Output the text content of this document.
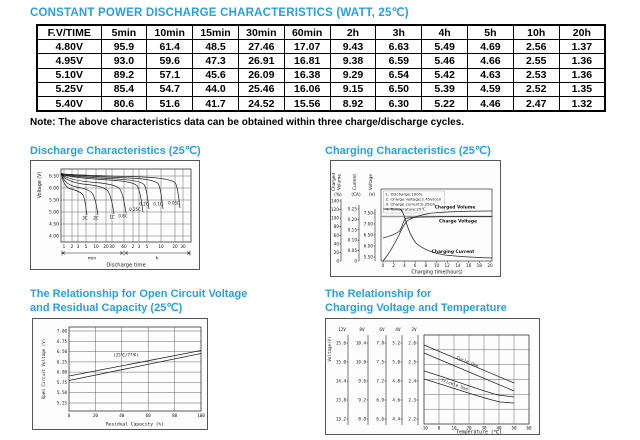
CONSTANT POWER DISCHARGE CHARACTERISTICS (WATT, 25℃)
F.V/TIME	5min	10min	15min	30min	60min	2h	3h	4h	5h	10h	20h
4.80V	95.9	61.4	48.5	27.46	17.07	9.43	6.63	5.49	4.69	2.56	1.37
4.95V	93.0	59.6	47.3	26.91	16.81	9.38	6.59	5.46	4.66	2.55	1.36
5.10V	89.2	57.1	45.6	26.09	16.38	9.29	6.54	5.42	4.63	2.53	1.36
5.25V	85.4	54.7	44.0	25.46	16.06	9.15	6.50	5.39	4.59	2.52	1.35
5.40V	80.6	51.6	41.7	24.52	15.56	8.92	6.30	5.22	4.46	2.47	1.32
Note: The above characteristics data can be obtained within three charge/discharge cycles.
Discharge Characteristics (25℃)
6.50
6.00
5.50
5.00
4.50
4.00
1 2 3 5 10 20 30 60 2 3 5 10 20 30
3C 2C	1C 0.6C
0.25C
0.2C 0.1C 0.05C
min	h
Discharge time
Voltage (V)
Charging Characteristics (25℃)
Charged Volume
(%)
Current
(CA)
Voltage
(V)
140
120
100
80
60
40
20
0
0.25
0.20
0.15
0.10
0.05
0
7.50
7.00
6.50
6.00
5.50
1. Discharge:100%
2. Charge voltage:2.45V/cell
3. Charge current:0.25CA
4. Temperature:25℃ Charged Volume
Charge Voltage
Charging Current
0 2 4 6 8 10 12 14 16 18 20
Charging time(hours)
The Relationship for Open Circuit Voltage
and Residual Capacity (25℃)
7.00
6.75
6.50
6.25
6.00
5.75
5.50
5.25
0	20	40	60	80	100
(25℃/77℉)
Residual Capacity (%)
Open Circuit Voltage (V)
The Relationship for
Charging Voltage and Temperature
Voltage(V)
12V	8V	6V	4V	2V
15.6
15.0
14.4
13.8
13.2
10.4
10.0
9.6
9.2
8.8
7.8
7.5
7.2
6.9
6.6
5.2
5.0
4.8
4.6
4.4
2.6
2.5
2.4
2.3
2.2
Cycle Use
Trickle Use
-10 0	10 20 30 40 50 60
Temperature (℃)
